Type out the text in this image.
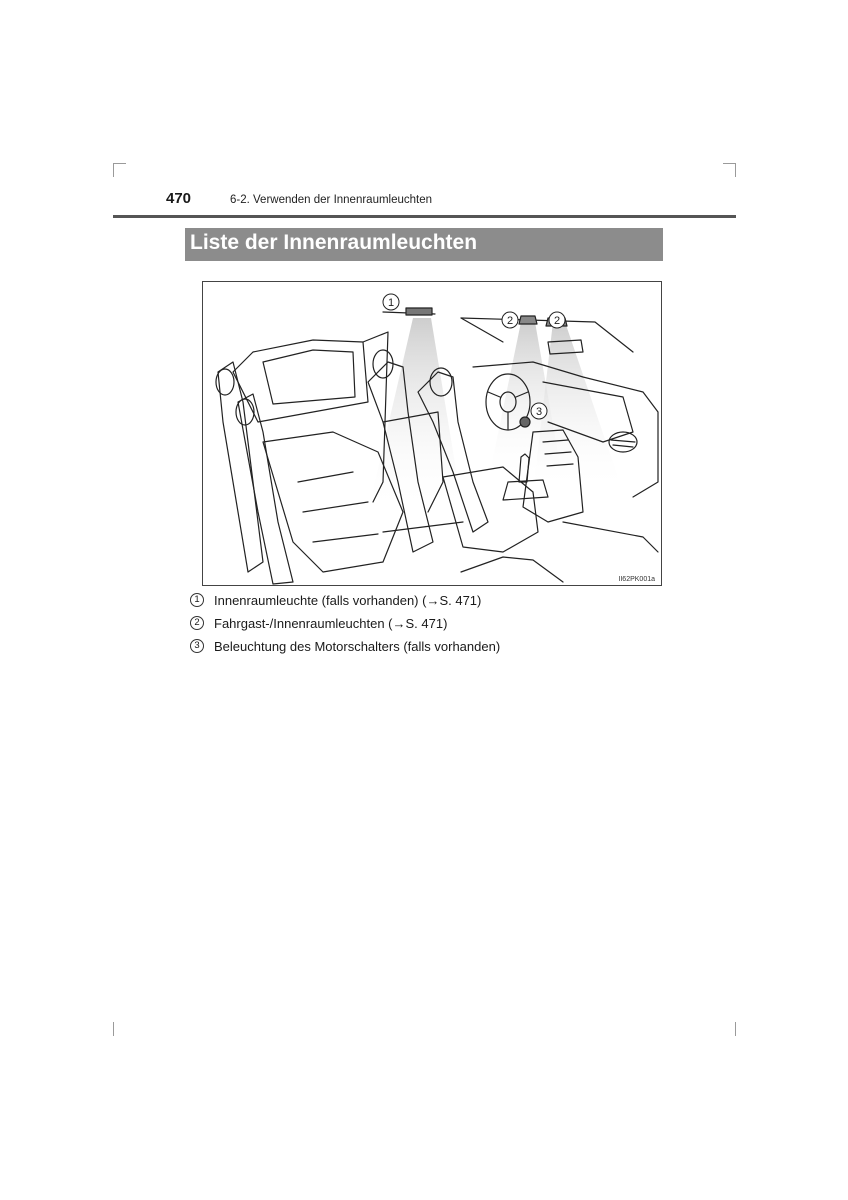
470	6-2. Verwenden der Innenraumleuchten
Liste der Innenraumleuchten
1
2	2
3
II62PK001a
1	Innenraumleuchte (falls vorhanden) (→S. 471)
2	Fahrgast-/Innenraumleuchten (→S. 471)
3	Beleuchtung des Motorschalters (falls vorhanden)
